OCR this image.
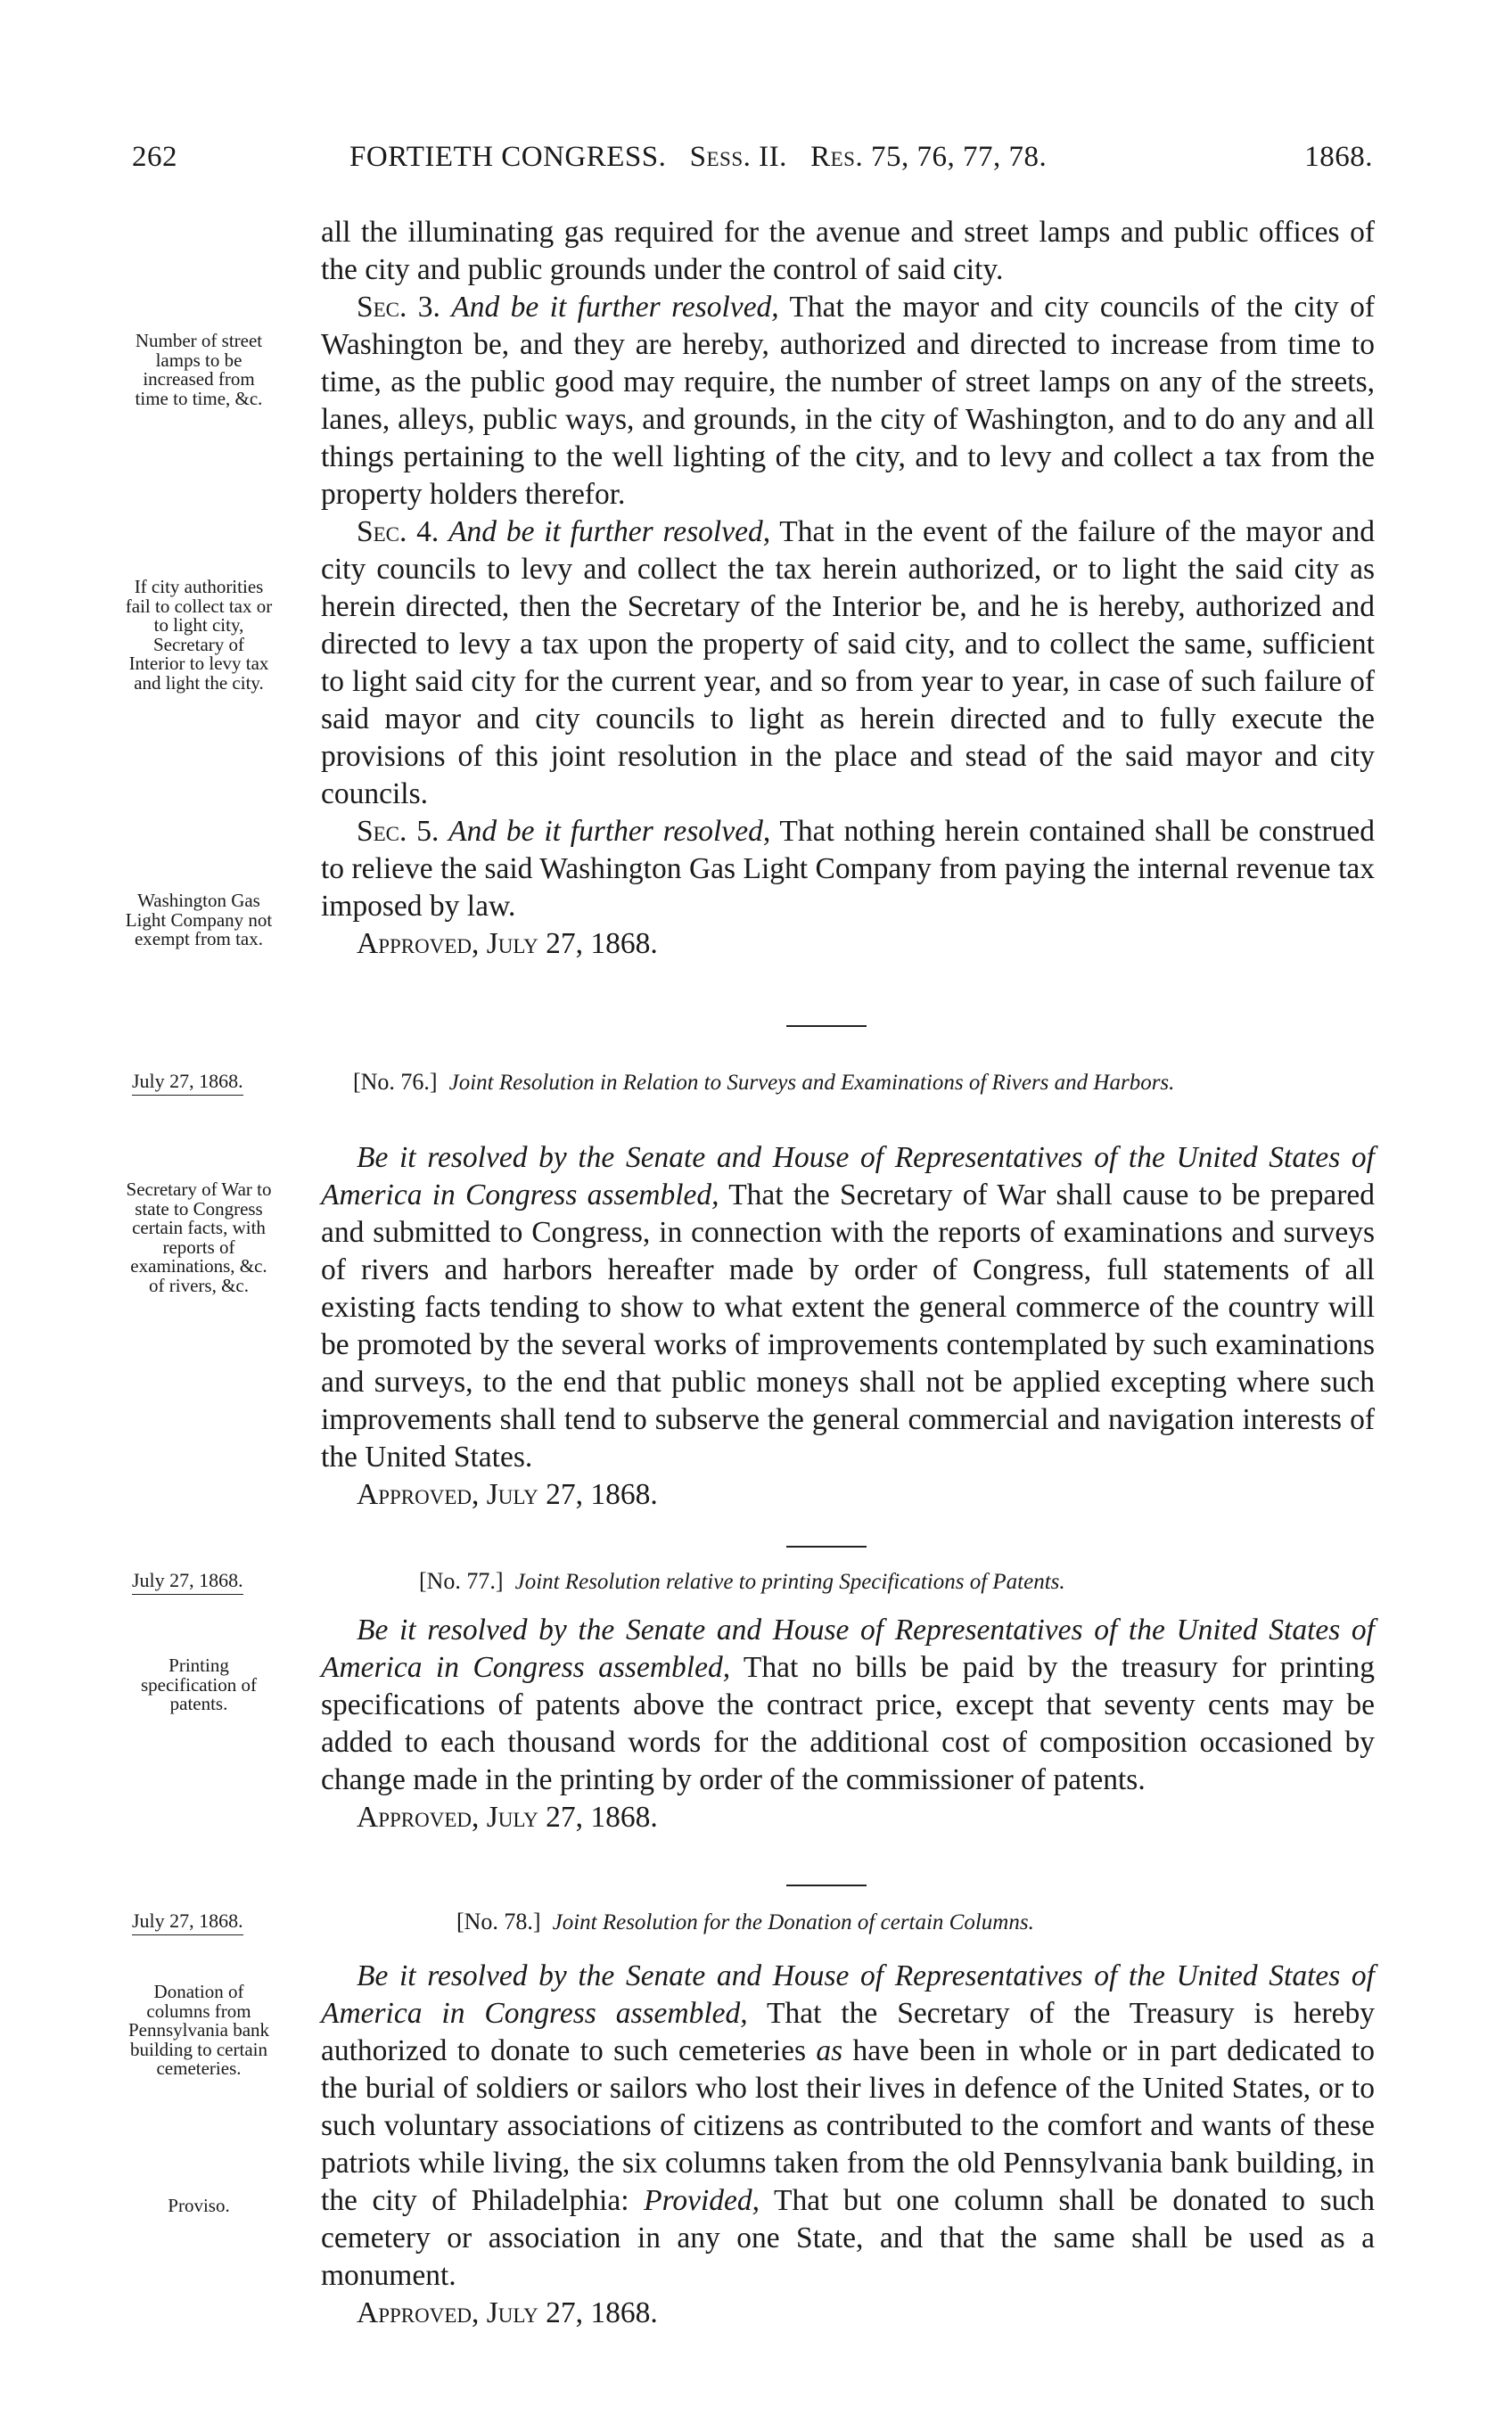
262	FORTIETH CONGRESS. Sess. II. Res. 75, 76, 77, 78.	1868.

all the illuminating gas required for the avenue and street lamps and public offices of the city and public grounds under the control of said city.

Sec. 3. And be it further resolved, That the mayor and city councils of the city of Washington be, and they are hereby, authorized and directed to increase from time to time, as the public good may require, the number of street lamps on any of the streets, lanes, alleys, public ways, and grounds, in the city of Washington, and to do any and all things pertaining to the well lighting of the city, and to levy and collect a tax from the property holders therefor.

Sec. 4. And be it further resolved, That in the event of the failure of the mayor and city councils to levy and collect the tax herein authorized, or to light the said city as herein directed, then the Secretary of the Interior be, and he is hereby, authorized and directed to levy a tax upon the property of said city, and to collect the same, sufficient to light said city for the current year, and so from year to year, in case of such failure of said mayor and city councils to light as herein directed and to fully execute the provisions of this joint resolution in the place and stead of the said mayor and city councils.

Sec. 5. And be it further resolved, That nothing herein contained shall be construed to relieve the said Washington Gas Light Company from paying the internal revenue tax imposed by law.

Approved, July 27, 1868.

Number of street lamps to be increased from time to time, &c.
If city authorities fail to collect tax or to light city, Secretary of Interior to levy tax and light the city.
Washington Gas Light Company not exempt from tax.
July 27, 1868.	[No. 76.] Joint Resolution in Relation to Surveys and Examinations of Rivers and Harbors.

Be it resolved by the Senate and House of Representatives of the United States of America in Congress assembled, That the Secretary of War shall cause to be prepared and submitted to Congress, in connection with the reports of examinations and surveys of rivers and harbors hereafter made by order of Congress, full statements of all existing facts tending to show to what extent the general commerce of the country will be promoted by the several works of improvements contemplated by such examinations and surveys, to the end that public moneys shall not be applied excepting where such improvements shall tend to subserve the general commercial and navigation interests of the United States.

Approved, July 27, 1868.

Secretary of War to state to Congress certain facts, with reports of examinations, &c. of rivers, &c.
July 27, 1868.	[No. 77.] Joint Resolution relative to printing Specifications of Patents.

Be it resolved by the Senate and House of Representatives of the United States of America in Congress assembled, That no bills be paid by the treasury for printing specifications of patents above the contract price, except that seventy cents may be added to each thousand words for the additional cost of composition occasioned by change made in the printing by order of the commissioner of patents.

Approved, July 27, 1868.

Printing specification of patents.
July 27, 1868.	[No. 78.] Joint Resolution for the Donation of certain Columns.

Be it resolved by the Senate and House of Representatives of the United States of America in Congress assembled, That the Secretary of the Treasury is hereby authorized to donate to such cemeteries as have been in whole or in part dedicated to the burial of soldiers or sailors who lost their lives in defence of the United States, or to such voluntary associations of citizens as contributed to the comfort and wants of these patriots while living, the six columns taken from the old Pennsylvania bank building, in the city of Philadelphia: Provided, That but one column shall be donated to such cemetery or association in any one State, and that the same shall be used as a monument.

Approved, July 27, 1868.

Donation of columns from Pennsylvania bank building to certain cemeteries.
Proviso.
